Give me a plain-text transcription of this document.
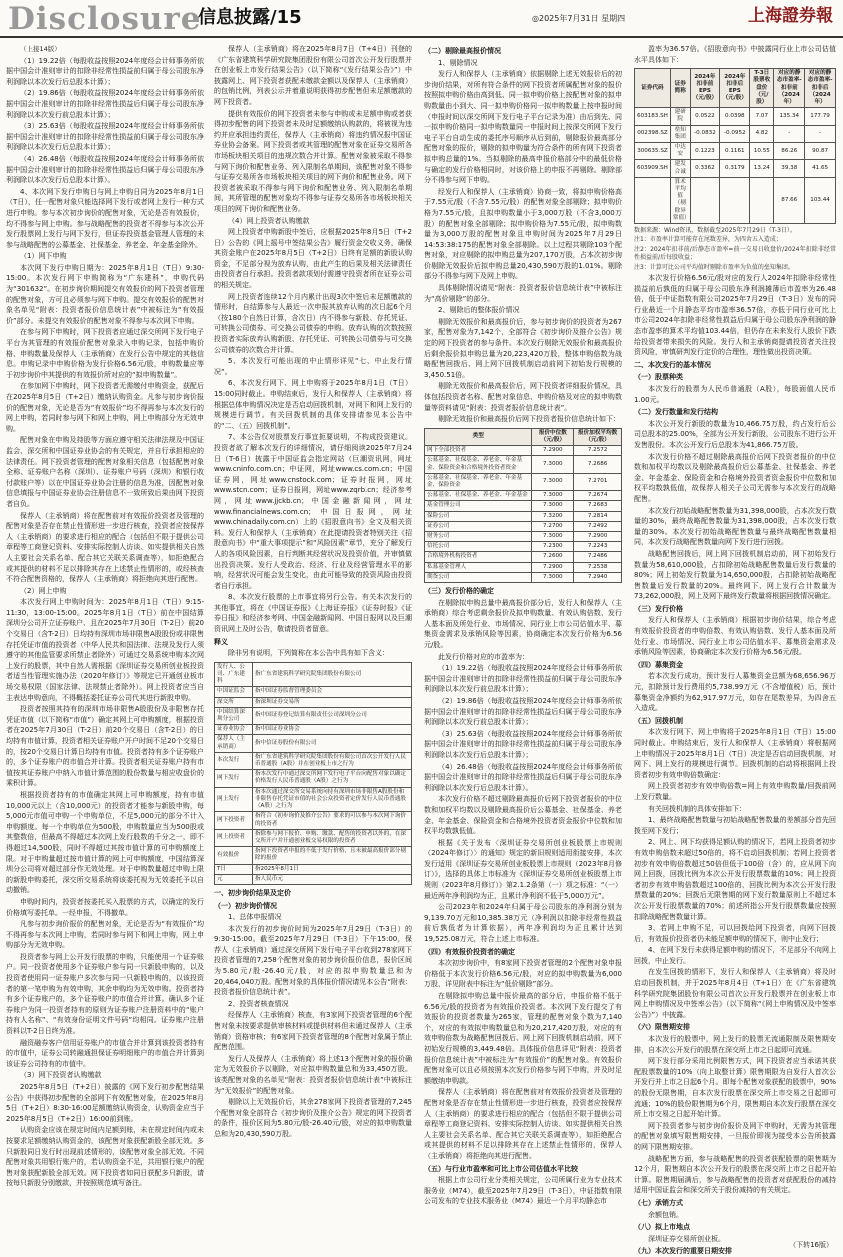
Disclosure
信息披露/15	◎2025年7月31日 星期四	上海證券報

（上接14版）

（1）19.22倍（每股收益按照2024年度经会计师事务所依据中国会计准则审计的扣除非经常性损益前归属于母公司股东净利润除以本次发行后总股本计算）；

（2）19.86倍（每股收益按照2024年度经会计师事务所依据中国会计准则审计的扣除非经常性损益后归属于母公司股东净利润除以本次发行前总股本计算）；

（3）25.63倍（每股收益按照2024年度经会计师事务所依据中国会计准则审计的扣除非经常性损益前归属于母公司股东净利润除以本次发行后总股本计算）；

（4）26.48倍（每股收益按照2024年度经会计师事务所依据中国会计准则审计的扣除非经常性损益后归属于母公司股东净利润除以本次发行后总股本计算）。

4、本次网下发行申购日与网上申购日同为2025年8月1日（T日），任一配售对象只能选择网下发行或者网上发行一种方式进行申购。参与本次初步询价的配售对象，无论是否有效报价，均不得参与网上申购。参与战略配售的投资者不得参与本次公开发行股票网上发行与网下发行，但证券投资基金管理人管理的未参与战略配售的公募基金、社保基金、养老金、年金基金除外。

（1）网下申购

本次网下发行申购日期为：2025年8月1日（T日）9:30-15:00。本次发行网下申购简称为“广东建科”，申购代码为“301632”。在初步询价期间提交有效报价的网下投资者管理的配售对象，方可且必须参与网下申购。提交有效报价的配售对象名单见“附表：投资者报价信息统计表”中被标注为“有效报价”部分。未提交有效报价的配售对象不得参与本次网下申购。

在参与网下申购时，网下投资者应通过深交所网下发行电子平台为其管理的有效报价配售对象录入申购记录，包括申购价格、申购数量及保荐人（主承销商）在发行公告中规定的其他信息。申购记录中申购价格为发行价格6.56元/股，申购数量应等于初步询价中其提供的有效报价所对应的“拟申购数量”。

在参加网下申购时，网下投资者无需缴付申购资金，获配后在2025年8月5日（T+2日）缴纳认购资金。凡参与初步询价报价的配售对象，无论是否为“有效报价”均不得再参与本次发行的网上申购，若同时参与网下和网上申购，网上申购部分为无效申购。

配售对象在申购及持股等方面应遵守相关法律法规及中国证监会、深交所和中国证券业协会的有关规定，并自行承担相应的法律责任。网下投资者管理的配售对象相关信息（包括配售对象全称、证券账户名称（深圳）、证券账户号码（深圳）和银行收付款账户等）以在中国证券业协会注册的信息为准，因配售对象信息填报与中国证券业协会注册信息不一致所致后果由网下投资者自负。

保荐人（主承销商）将在配售前对有效报价投资者及管理的配售对象是否存在禁止性情形进一步进行核查，投资者应按保荐人（主承销商）的要求进行相应的配合（包括但不限于提供公司章程等工商登记资料、安排实际控制人访谈、如实提供相关自然人主要社会关系名单、配合其它关联关系调查等），如拒绝配合或其提供的材料不足以排除其存在上述禁止性情形的，或经核查不符合配售资格的，保荐人（主承销商）将拒绝向其进行配售。

（2）网上申购

本次发行网上申购时间为：2025年8月1日（T日）9:15-11:30，13:00-15:00。2025年8月1日（T日）前在中国结算深圳分公司开立证券账户、且在2025年7月30日（T-2日）前20个交易日（含T-2日）日均持有深圳市场非限售A股股份或非限售存托凭证市值的投资者（中华人民共和国法律、法规及发行人须遵守的其他监管要求所禁止者除外）可通过交易系统申购本次网上发行的股票，其中自然人需根据《深圳证券交易所创业板投资者适当性管理实施办法（2020年修订）》等规定已开通创业板市场交易权限（国家法律、法规禁止者除外）。网上投资者应当自主表达申购意向，不得概括委托证券公司代其进行新股申购。

投资者按照其持有的深圳市场非限售A股股份及非限售存托凭证市值（以下简称“市值”）确定其网上可申购额度，根据投资者在2025年7月30日（T-2日）前20个交易日（含T-2日）的日均持有市值计算，投资者相关证券账户开户时间不足20个交易日的，按20个交易日计算日均持有市值。投资者持有多个证券账户的，多个证券账户的市值合并计算。投资者相关证券账户持有市值按其证券账户中纳入市值计算范围的股份数量与相应收盘价的乘积计算。

根据投资者持有的市值确定其网上可申购额度，持有市值10,000元以上（含10,000元）的投资者才能参与新股申购，每5,000元市值可申购一个申购单位，不足5,000元的部分不计入申购额度。每一个申购单位为500股，申购数量应当为500股或其整数倍，但最高不得超过本次网上发行股数的千分之一，即不得超过14,500股，同时不得超过其按市值计算的可申购额度上限。对于申购量超过按市值计算的网上可申购额度，中国结算深圳分公司将对超过部分作无效处理。对于申购数量超过申购上限的新股申购委托，深交所交易系统将该委托视为无效委托予以自动撤销。

申购时间内，投资者按委托买入股票的方式，以确定的发行价格填写委托单。一经申报，不得撤单。

凡参与初步询价报价的配售对象，无论是否为“有效报价”均不得再参与本次网上申购，若同时参与网下和网上申购，网上申购部分为无效申购。

投资者参与网上公开发行股票的申购，只能使用一个证券账户。同一投资者使用多个证券账户参与同一只新股申购的，以及投资者使用同一证券账户多次参与同一只新股申购的，以该投资者的第一笔申购为有效申购，其余申购均为无效申购。投资者持有多个证券账户的，多个证券账户的市值合并计算。确认多个证券账户为同一投资者持有的原则为证券账户注册资料中的“账户持有人名称”、“有效身份证明文件号码”均相同。证券账户注册资料以T-2日日终为准。

融资融券客户信用证券账户的市值合并计算到该投资者持有的市值中，证券公司转融通担保证券明细账户的市值合并计算到该证券公司持有的市值中。

（3）网下投资者认购缴款

2025年8月5日（T+2日）披露的《网下发行初步配售结果公告》中获得初步配售的全部网下有效配售对象，在2025年8月5日（T+2日）8:30-16:00足额缴纳认购资金，认购资金应当于2025年8月5日（T+2日）16:00前到账。

认购资金应该在规定时间内足额到账，未在规定时间内或未按要求足额缴纳认购资金的，该配售对象获配新股全部无效。多只新股同日发行时出现前述情形的，该配售对象全部无效。不同配售对象共用银行账户的，若认购资金不足，共用银行账户的配售对象获配新股全部无效。网下投资者如同日获配多只新股，请按每只新股分别缴款，并按照规范填写备注。

保荐人（主承销商）将在2025年8月7日（T+4日）刊登的《广东省建筑科学研究院集团股份有限公司首次公开发行股票并在创业板上市发行结果公告》（以下简称“《发行结果公告》”）中披露网上、网下投资者获配未缴款金额以及保荐人（主承销商）的包销比例，列表公示并着重说明获得初步配售但未足额缴款的网下投资者。

提供有效报价的网下投资者未参与申购或未足额申购或者获得初步配售的网下投资者未及时足额缴纳认购款的，将被视为违约并应承担违约责任，保荐人（主承销商）将违约情况报中国证券业协会备案。网下投资者或其管理的配售对象在证券交易所各市场板块相关项目的违规次数合并计算。配售对象被采取不得参与网下询价和配售业务、列入限制名单期间，该配售对象不得参与证券交易所各市场板块相关项目的网下询价和配售业务。网下投资者被采取不得参与网下询价和配售业务、列入限制名单期间，其所管理的配售对象均不得参与证券交易所各市场板块相关项目的网下询价和配售业务。

（4）网上投资者认购缴款

网上投资者申购新股中签后，应根据2025年8月5日（T+2日）公告的《网上摇号中签结果公告》履行资金交收义务，确保其资金账户在2025年8月5日（T+2日）日终有足额的新股认购资金，不足部分视为放弃认购，由此产生的后果及相关法律责任由投资者自行承担。投资者款项划付需遵守投资者所在证券公司的相关规定。

网上投资者连续12个月内累计出现3次中签后未足额缴款的情形时，自结算参与人最近一次申报其放弃认购的次日起6个月（按180个自然日计算，含次日）内不得参与新股、存托凭证、可转换公司债券、可交换公司债券的申购。放弃认购的次数按照投资者实际放弃认购新股、存托凭证、可转换公司债券与可交换公司债券的次数合并计算。

5、本次发行可能出现的中止情形详见“七、中止发行情况”。

6、本次发行网下、网上申购将于2025年8月1日（T日）15:00同时截止。申购结束后，发行人和保荐人（主承销商）将根据总体申购情况决定是否启动回拨机制，对网下和网上发行的规模进行调节。有关回拨机制的具体安排请参见本公告中的“二、（五）回拨机制”。

7、本公告仅对股票发行事宜扼要说明，不构成投资建议。投资者欲了解本次发行的详细情况，请仔细阅读2025年7月24日（T-6日）披露于中国证监会指定网站（巨潮资讯网，网址www.cninfo.com.cn；中证网，网址www.cs.com.cn；中国证券网，网址www.cnstock.com；证券时报网，网址www.stcn.com；证券日报网，网址www.zqrb.cn；经济参考网，网址www.jjckb.cn；中国金融新闻网，网址www.financialnews.com.cn；中国日报网，网址www.chinadaily.com.cn）上的《招股意向书》全文及相关资料。发行人和保荐人（主承销商）在此提请投资者特别关注《招股意向书》中“重大事项提示”和“风险因素”章节，充分了解发行人的各项风险因素，自行判断其经营状况及投资价值，并审慎做出投资决策。发行人受政治、经济、行业及经营管理水平的影响，经营状况可能会发生变化，由此可能导致的投资风险由投资者自行承担。

8、本次发行股票的上市事宜将另行公告。有关本次发行的其他事宜，将在《中国证券报》《上海证券报》《证券时报》《证券日报》和经济参考网、中国金融新闻网、中国日报网以及巨潮资讯网上及时公告，敬请投资者留意。

释义

除非另有说明，下列简称在本公告中具有如下含义：

发行人、公司、广东建科	指广东省建筑科学研究院集团股份有限公司
中国证监会	指中国证券监督管理委员会
深交所	指深圳证券交易所
中国结算深圳分公司	指中国证券登记结算有限责任公司深圳分公司
证券业协会	指中国证券业协会
保荐人（主承销商）	指中信证券股份有限公司
本次发行	指广东省建筑科学研究院集团股份有限公司首次公开发行人民币普通股（A股）并在创业板上市之行为
网下发行	指本次发行中通过深交所网下发行电子平台向配售对象以确定价格发行人民币普通股（A股）之行为
网上发行	指本次通过深交所交易系统向持有深圳市场非限售A股股份和非限售存托凭证市值的社会公众投资者定价发行人民币普通股（A股）之行为
网下投资者	指符合《初步询价及推介公告》要求的可以参与本次网下询价的投资者
网上投资者	指除参与网下报价、申购、缴款、配售的投资者以外的，在深交所开户并开通创业板交易权限的投资者
有效报价	指网下投资者申报的不低于发行价格，且未被最高报价部分剔除的报价
T日	指2025年8月1日
元	指人民币元

一、初步询价结果及定价

（一）初步询价情况

1、总体申报情况

本次发行的初步询价时间为2025年7月29日（T-3日）的9:30-15:00。截至2025年7月29日（T-3日）下午15:00，保荐人（主承销商）通过深交所网下发行电子平台收到278家网下投资者管理的7,258个配售对象的初步询价报价信息，报价区间为5.80元/股-26.40元/股，对应的拟申购数量总和为20,464,040万股。配售对象的具体报价情况请见本公告“附表：投资者报价信息统计表”。

2、投资者核查情况

经保荐人（主承销商）核查，有3家网下投资者管理的6个配售对象未按要求提供审核材料或提供材料但未通过保荐人（主承销商）资格审核；有6家网下投资者管理的8个配售对象属于禁止配售范围。

发行人及保荐人（主承销商）将上述13个配售对象的报价确定为无效报价予以剔除，对应拟申购数量总和为33,450万股。该类配售对象的名单见“附表：投资者报价信息统计表”中被标注为“无效报价”的配售对象。

剔除以上无效报价后，其余278家网下投资者管理的7,245个配售对象全部符合《初步询价及推介公告》规定的网下投资者的条件，报价区间为5.80元/股-26.40元/股，对应的拟申购数量总和为20,430,590万股。

（二）剔除最高报价情况

1、剔除情况

发行人和保荐人（主承销商）依据剔除上述无效报价后的初步询价结果，对所有符合条件的网下投资者所属配售对象的报价按照拟申购价格由高到低、同一拟申购价格上按配售对象的拟申购数量由小到大、同一拟申购价格同一拟申购数量上按申报时间（申报时间以深交所网下发行电子平台记录为准）由后到先、同一拟申购价格同一拟申购数量同一申报时间上按深交所网下发行电子平台自动生成的委托序号顺序从后到前，剔除报价最高部分配售对象的报价，剔除的拟申购量为符合条件的所有网下投资者拟申购总量的1%。当拟剔除的最高申报价格部分中的最低价格与确定的发行价格相同时，对该价格上的申报不再剔除。剔除部分不得参与网下申购。

经发行人和保荐人（主承销商）协商一致，将拟申购价格高于7.55元/股（不含7.55元/股）的配售对象全部剔除；拟申购价格为7.55元/股，且拟申购数量小于3,000万股（不含3,000万股）的配售对象全部剔除；拟申购价格为7.55元/股，拟申购数量为3,000万股的配售对象且申购时间为2025年7月29日14:53:38:175的配售对象全部剔除。以上过程共剔除103个配售对象，对应剔除的拟申购总量为207,170万股，占本次初步询价剔除无效报价后拟申购总量20,430,590万股的1.01%。剔除部分不得参与网下及网上申购。

具体剔除情况请见“附表：投资者报价信息统计表”中被标注为“高价剔除”的部分。

2、剔除后的整体报价情况

剔除无效报价和最高报价后，参与初步询价的投资者为267家，配售对象为7,142个，全部符合《初步询价及推介公告》规定的网下投资者的参与条件。本次发行剔除无效报价和最高报价后剩余报价拟申购总量为20,223,420万股，整体申购倍数为战略配售回拨后、网上网下回拨机制启动前网下初始发行规模的3,450.51倍。

剔除无效报价和最高报价后，网下投资者详细报价情况，具体包括投资者名称、配售对象信息、申购价格及对应的拟申购数量等资料请见“附表：投资者报价信息统计表”。

剔除无效报价和最高报价后网下投资者报价信息统计如下：

类型	报价中位数（元/股）	报价加权平均数（元/股）
网下全部投资者	7.2900	7.2572
公募基金、社保基金、养老金、年金基金、保险资金和合格境外投资者资金	7.3000	7.2686
公募基金、社保基金、养老金、年金基金、保险资金	7.3000	7.2701
公募基金、社保基金、养老金、年金基金	7.3000	7.2674
基金管理公司	7.3000	7.2683
保险公司	7.3200	7.2814
证券公司	7.2700	7.2492
财务公司	7.3000	7.2900
信托公司	7.2300	7.2243
合格境外机构投资者	7.2600	7.2486
私募基金管理人	7.2900	7.2538
期货公司	7.3000	7.2940

（三）发行价格的确定

在剔除拟申购总量中最高报价部分后，发行人和保荐人（主承销商）综合考虑剩余报价及拟申购数量、有效认购倍数、发行人基本面及所处行业、市场情况、同行业上市公司估值水平、募集资金需求及承销风险等因素，协商确定本次发行价格为6.56元/股。

此发行价格对应的市盈率为：

（1）19.22倍（每股收益按照2024年度经会计师事务所依据中国会计准则审计的扣除非经常性损益前归属于母公司股东净利润除以本次发行前总股本计算）；

（2）19.86倍（每股收益按照2024年度经会计师事务所依据中国会计准则审计的扣除非经常性损益后归属于母公司股东净利润除以本次发行前总股本计算）；

（3）25.63倍（每股收益按照2024年度经会计师事务所依据中国会计准则审计的扣除非经常性损益前归属于母公司股东净利润除以本次发行后总股本计算）；

（4）26.48倍（每股收益按照2024年度经会计师事务所依据中国会计准则审计的扣除非经常性损益后归属于母公司股东净利润除以本次发行后总股本计算）。

本次发行价格不超过剔除最高报价后网下投资者报价的中位数和加权平均数以及剔除最高报价后公募基金、社保基金、养老金、年金基金、保险资金和合格境外投资者资金报价中位数和加权平均数孰低值。

根据《关于发布〈深圳证券交易所创业板股票上市规则（2024年修订）〉的通知》规定的新旧规则适用衔接安排，本次发行适用《深圳证券交易所创业板股票上市规则（2023年8月修订）》，选择的具体上市标准为《深圳证券交易所创业板股票上市规则（2023年8月修订）》第2.1.2条第（一）项之标准：“（一）最近两年净利润均为正，且累计净利润不低于5,000万元”。

公司2023年和2024年归属于母公司股东的净利润分别为9,139.70万元和10,385.38万元（净利润以扣除非经常性损益前后孰低者为计算依据），两年净利润均为正且累计达到19,525.08万元，符合上述上市标准。

（四）有效报价投资者的确定

本次初步询价中，有8家网下投资者管理的2个配售对象申报价格低于本次发行价格6.56元/股，对应的拟申购数量为6,000万股，详见附表中标注为“低价剔除”部分。

在剔除拟申购总量中报价最高的部分后，申报价格不低于6.56元/股的投资者为有效报价投资者。本次网下发行提交了有效报价的投资者数量为265家，管理的配售对象个数为7,140个，对应的有效拟申购数量总和为20,217,420万股，对应的有效申购倍数为战略配售回拨后、网上网下回拨机制启动前，网下初始发行规模的3,449.48倍。具体报价信息详见“附表：投资者报价信息统计表”中被标注为“有效报价”的配售对象。有效报价配售对象可以且必须按照本次发行价格参与网下申购，并及时足额缴纳申购款。

保荐人（主承销商）将在配售前对有效报价投资者及管理的配售对象是否存在禁止性情形进一步进行核查，投资者应按保荐人（主承销商）的要求进行相应的配合（包括但不限于提供公司章程等工商登记资料、安排实际控制人访谈、如实提供相关自然人主要社会关系名单、配合其它关联关系调查等），如拒绝配合或其提供的材料不足以排除其存在上述禁止性情形的，保荐人（主承销商）将拒绝向其进行配售。

（五）与行业市盈率和可比上市公司估值水平比较

根据上市公司行业分类相关规定，公司所属行业为专业技术服务业（M74），截至2025年7月29日（T-3日），中证指数有限公司发布的专业技术服务业（M74）最近一个月平均静态市

盈率为36.57倍。《招股意向书》中披露同行业上市公司估值水平具体如下：

证券代码	证券简称	2024年扣非前EPS（元/股）	2024年扣非后EPS（元/股）	T-3日股票收盘价（元/股）	对应的静态市盈率-扣非前（2024年）	对应的静态市盈率-扣非后（2024年）
603183.SH	建研院	0.0522	0.0398	7.07	135.34	177.79
002398.SZ	垒知集团	-0.0832	-0.0952	4.82	-	-
300635.SZ	中达安	0.1223	0.1161	10.55	86.26	90.87
603909.SH	建发合诚	0.3362	0.3179	13.24	39.38	41.65
	算术平均值（剔除异常值）				87.66	103.44

数据来源：Wind资讯，数据截至2025年7月29日（T-3日）。

注1：市盈率计算可能存在尾数差异，为四舍五入造成；

注2：2024年扣非前/后静态市盈率=前一交易日收盘价/2024年扣除非经常性损益前/后每股收益；

注3：计算可比公司平均值时剔除市盈率为负值的垒知集团。

本次发行价格6.56元/股对应的发行人2024年扣除非经常性损益前后孰低的归属于母公司股东净利润摊薄后市盈率为26.48倍，低于中证指数有限公司2025年7月29日（T-3日）发布的同行业最近一个月静态平均市盈率36.57倍，亦低于同行业可比上市公司2024年扣除非经常性损益后归属于母公司股东净利润的静态市盈率的算术平均值103.44倍，但仍存在未来发行人股价下跌给投资者带来损失的风险。发行人和主承销商提请投资者关注投资风险，审慎研判发行定价的合理性，理性做出投资决策。

二、本次发行的基本情况

（一）股票种类

本次发行的股票为人民币普通股（A股），每股面值人民币1.00元。

（二）发行数量和发行结构

本次公开发行新股的数量为10,466.75万股，约占发行后公司总股本的25.00%，全部为公开发行新股，公司股东不进行公开发售股份。本次公开发行后总股本为41,866.75万股。

本次发行价格不超过剔除最高报价后网下投资者报价的中位数和加权平均数以及剔除最高报价后公募基金、社保基金、养老金、年金基金、保险资金和合格境外投资者资金报价中位数和加权平均数孰低值，故保荐人相关子公司无需参与本次发行的战略配售。

本次发行初始战略配售数量为31,398,000股，占本次发行数量的30%，最终战略配售数量为31,398,000股，占本次发行数量的30%。本次发行初始战略配售数量与最终战略配售数量相同，本次发行战略配售数量向网下发行进行回拨。

战略配售回拨后，网上网下回拨机制启动前，网下初始发行数量为58,610,000股，占扣除初始战略配售数量后发行数量的80%；网上初始发行数量为14,650,000股，占扣除初始战略配售数量后发行数量的20%。最终网下、网上发行合计数量为73,262,000股，网上及网下最终发行数量将根据回拨情况确定。

（三）发行价格

发行人和保荐人（主承销商）根据初步询价结果，综合考虑有效报价投资者的申购倍数、有效认购倍数、发行人基本面及所处行业、市场情况、同行业上市公司估值水平、募集资金需求及承销风险等因素，协商确定本次发行价格为6.56元/股。

（四）募集资金

若本次发行成功，预计发行人募集资金总额为68,656.96万元，扣除预计发行费用约5,738.99万元（不含增值税）后，预计募集资金净额约为62,917.97万元，如存在尾数差异，为四舍五入造成。

（五）回拨机制

本次发行网下、网上申购将于2025年8月1日（T日）15:00同时截止。申购结束后，发行人和保荐人（主承销商）将根据网上申购情况于2025年8月1日（T日）决定是否启动回拨机制，对网下、网上发行的规模进行调节。回拨机制的启动将根据网上投资者初步有效申购倍数确定：

网上投资者初步有效申购倍数=网上有效申购数量/回拨前网上发行数量。

有关回拨机制的具体安排如下：

1、最终战略配售数量与初始战略配售数量的差额部分首先回拨至网下发行；

2、网上、网下均获得足额认购的情况下，若网上投资者初步有效申购倍数未超过50倍的，将不启动回拨机制；若网上投资者初步有效申购倍数超过50倍但低于100倍（含）的，应从网下向网上回拨，回拨比例为本次公开发行股票数量的10%；网上投资者初步有效申购倍数超过100倍的，回拨比例为本次公开发行股票数量的20%；回拨后无限售期的网下发行数量原则上不超过本次公开发行股票数量的70%；前述所指公开发行股票数量应按照扣除战略配售数量计算。

3、若网上申购不足，可以回拨给网下投资者，向网下回拨后，有效报价投资者仍未能足额申购的情况下，则中止发行；

4、在网下发行未获得足额申购的情况下，不足部分不向网上回拨，中止发行。

在发生回拨的情形下，发行人和保荐人（主承销商）将及时启动回拨机制，并于2025年8月4日（T+1日）在《广东省建筑科学研究院集团股份有限公司首次公开发行股票并在创业板上市网上申购情况及中签率公告》（以下简称“《网上申购情况及中签率公告》”）中披露。

（六）限售期安排

本次发行的股票中，网上发行的股票无流通限制及限售期安排，自本次公开发行的股票在深交所上市之日起即可流通。

网下发行部分采用比例限售方式，网下投资者应当承诺其获配股票数量的10%（向上取整计算）限售期限为自发行人首次公开发行并上市之日起6个月。即每个配售对象获配的股票中，90%的股份无限售期，自本次发行股票在深交所上市交易之日起即可流通；10%的股份限售期为6个月，限售期自本次发行股票在深交所上市交易之日起开始计算。

网下投资者参与初步询价报价及网下申购时，无需为其管理的配售对象填写限售期安排，一旦报价即视为接受本公告所披露的网下限售期安排。

战略配售方面，参与战略配售的投资者获配股票的限售期为12个月，限售期自本次公开发行的股票在深交所上市之日起开始计算。限售期届满后，参与战略配售的投资者对获配股份的减持适用中国证监会和深交所关于股份减持的有关规定。

（七）承销方式

余额包销。

（八）拟上市地点

深圳证券交易所创业板。

（九）本次发行的重要日期安排

（下转16版）
